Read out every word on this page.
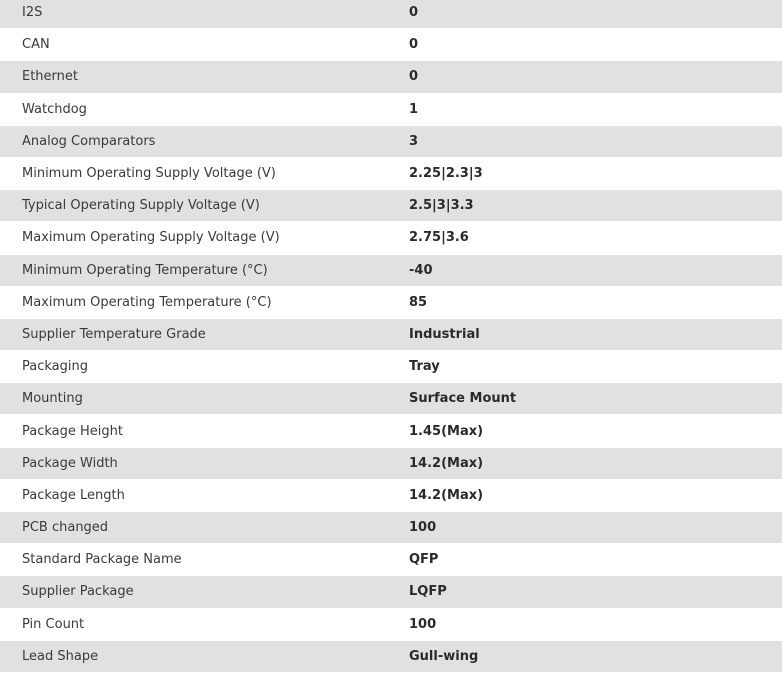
I2S	0
CAN	0
Ethernet	0
Watchdog	1
Analog Comparators	3
Minimum Operating Supply Voltage (V)	2.25|2.3|3
Typical Operating Supply Voltage (V)	2.5|3|3.3
Maximum Operating Supply Voltage (V)	2.75|3.6
Minimum Operating Temperature (°C)	-40
Maximum Operating Temperature (°C)	85
Supplier Temperature Grade	Industrial
Packaging	Tray
Mounting	Surface Mount
Package Height	1.45(Max)
Package Width	14.2(Max)
Package Length	14.2(Max)
PCB changed	100
Standard Package Name	QFP
Supplier Package	LQFP
Pin Count	100
Lead Shape	Gull-wing
